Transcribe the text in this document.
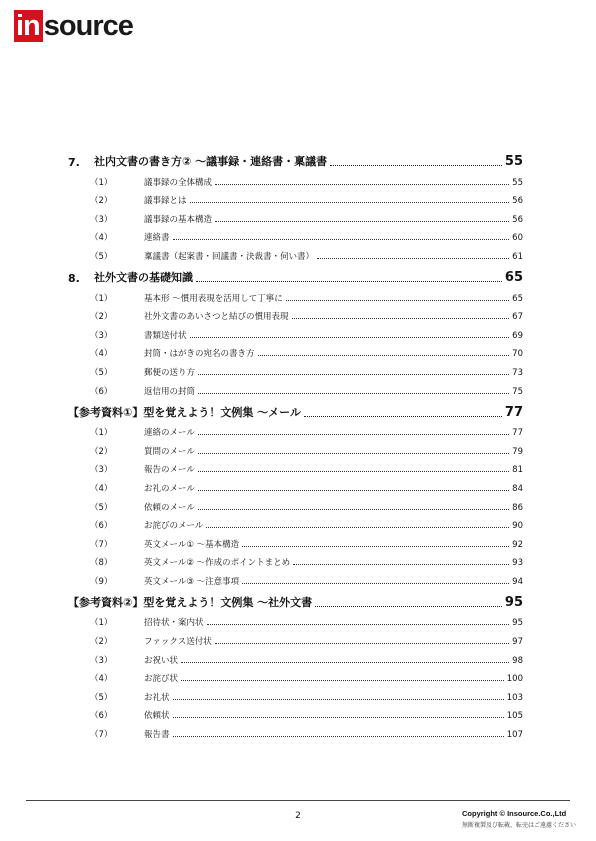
in source
7.	社内文書の書き方② ～議事録・連絡書・稟議書	55
（1）	議事録の全体構成	55
（2）	議事録とは	56
（3）	議事録の基本構造	56
（4）	連絡書	60
（5）	稟議書（起案書・回議書・決裁書・伺い書）	61
8.	社外文書の基礎知識	65
（1）	基本形 ～慣用表現を活用して丁寧に	65
（2）	社外文書のあいさつと結びの慣用表現	67
（3）	書類送付状	69
（4）	封筒・はがきの宛名の書き方	70
（5）	郵便の送り方	73
（6）	返信用の封筒	75
【参考資料①】 型を覚えよう！文例集 ～メール	77
（1）	連絡のメール	77
（2）	質問のメール	79
（3）	報告のメール	81
（4）	お礼のメール	84
（5）	依頼のメール	86
（6）	お詫びのメール	90
（7）	英文メール① ～基本構造	92
（8）	英文メール② ～作成のポイントまとめ	93
（9）	英文メール③ ～注意事項	94
【参考資料②】 型を覚えよう！文例集 ～社外文書	95
（1）	招待状・案内状	95
（2）	ファックス送付状	97
（3）	お祝い状	98
（4）	お詫び状	100
（5）	お礼状	103
（6）	依頼状	105
（7）	報告書	107
2	Copyright © Insource.Co.,Ltd
無断複製及び転載、転売はご遠慮ください
